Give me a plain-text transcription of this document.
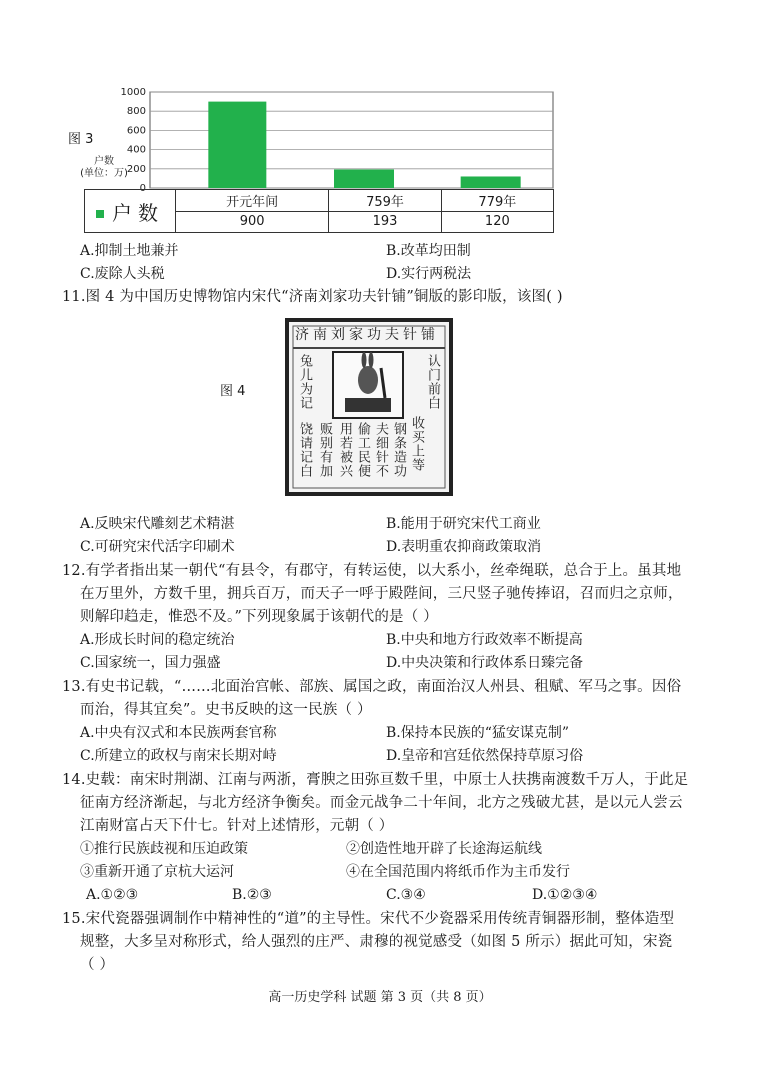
1000
800
600
400
200
0
图 3
户数
(单位：万)
户数	开元年间	759年	779年
	900	193	120
A.抑制土地兼并	B.改革均田制
C.废除人头税	D.实行两税法
11.图 4 为中国历史博物馆内宋代“济南刘家功夫针铺”铜版的影印版，该图( )
图 4
济南刘家功夫针铺
兔儿为记
饶请记白
认门前白
收买上等
钢条造功
夫细针不
偷工民便
用若被兴
贩别有加
A.反映宋代雕刻艺术精湛	B.能用于研究宋代工商业
C.可研究宋代活字印刷术	D.表明重农抑商政策取消
12.有学者指出某一朝代“有县令，有郡守，有转运使，以大系小，丝牵绳联，总合于上。虽其地
在万里外，方数千里，拥兵百万，而天子一呼于殿陛间，三尺竖子驰传捧诏，召而归之京师，
则解印趋走，惟恐不及。”下列现象属于该朝代的是（ ）
A.形成长时间的稳定统治	B.中央和地方行政效率不断提高
C.国家统一，国力强盛	D.中央决策和行政体系日臻完备
13.有史书记载，“……北面治宫帐、部族、属国之政，南面治汉人州县、租赋、军马之事。因俗
而治，得其宜矣”。史书反映的这一民族（ ）
A.中央有汉式和本民族两套官称	B.保持本民族的“猛安谋克制”
C.所建立的政权与南宋长期对峙	D.皇帝和宫廷依然保持草原习俗
14.史载：南宋时荆湖、江南与两浙，膏腴之田弥亘数千里，中原士人扶携南渡数千万人，于此足
征南方经济渐起，与北方经济争衡矣。而金元战争二十年间，北方之残破尤甚，是以元人尝云
江南财富占天下什七。针对上述情形，元朝（ ）
①推行民族歧视和压迫政策	②创造性地开辟了长途海运航线
③重新开通了京杭大运河	④在全国范围内将纸币作为主币发行
A.①②③	B.②③	C.③④	D.①②③④
15.宋代瓷器强调制作中精神性的“道”的主导性。宋代不少瓷器采用传统青铜器形制，整体造型
规整，大多呈对称形式，给人强烈的庄严、肃穆的视觉感受（如图 5 所示）据此可知，宋瓷
（ ）
高一历史学科 试题 第 3 页（共 8 页）
